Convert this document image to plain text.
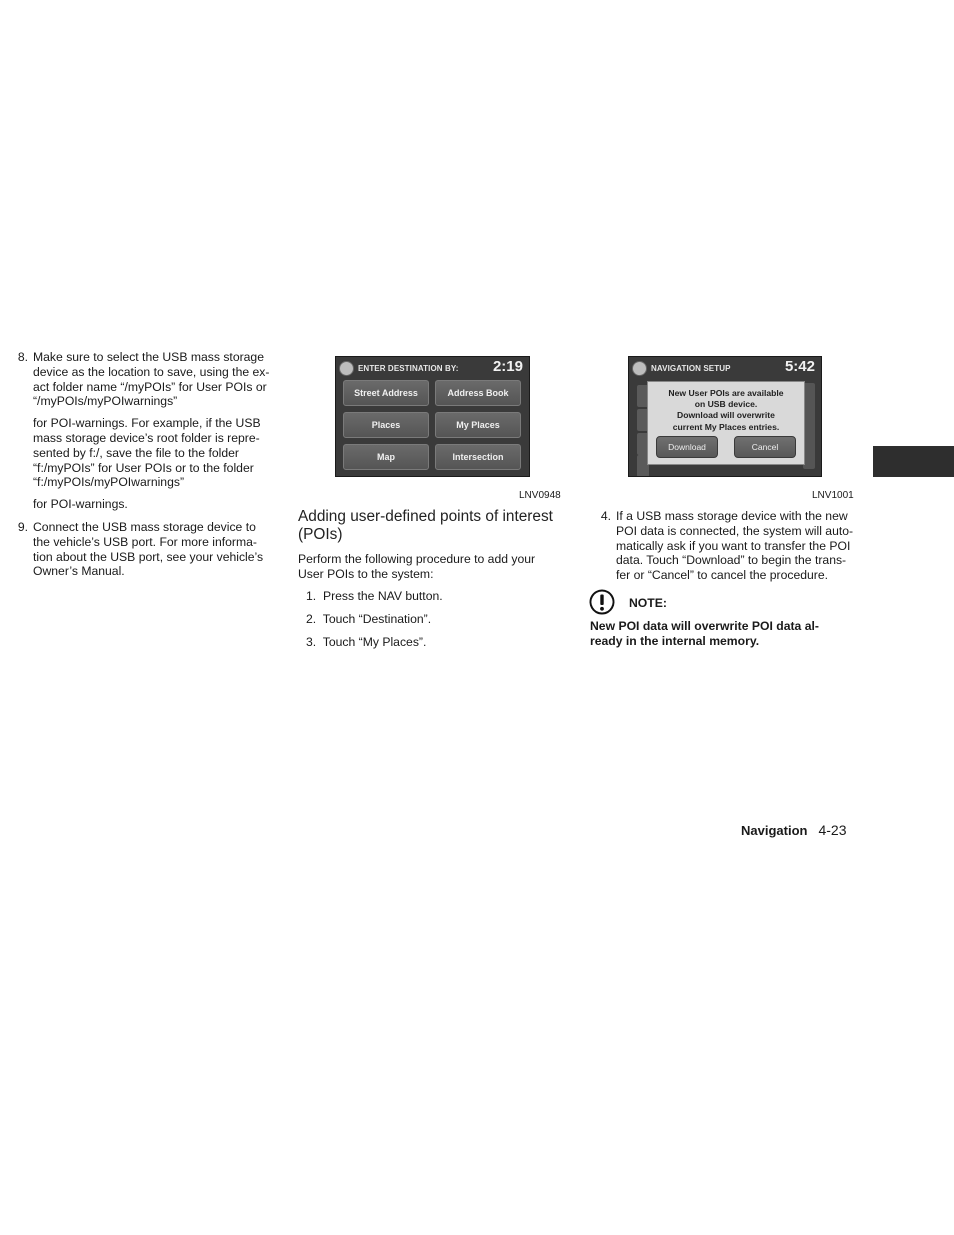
8. Make sure to select the USB mass storage
device as the location to save, using the ex-
act folder name “/myPOIs” for User POIs or
“/myPOIs/myPOIwarnings”
for POI-warnings. For example, if the USB
mass storage device’s root folder is repre-
sented by f:/, save the file to the folder
“f:/myPOIs” for User POIs or to the folder
“f:/myPOIs/myPOIwarnings”
for POI-warnings.
9. Connect the USB mass storage device to
the vehicle’s USB port. For more informa-
tion about the USB port, see your vehicle’s
Owner’s Manual.
ENTER DESTINATION BY: 2:19
Street Address	Address Book
Places	My Places
Map	Intersection
LNV0948
NAVIGATION SETUP	5:42
New User POIs are available
on USB device.
Download will overwrite
current My Places entries.
Download	Cancel
LNV1001
Adding user-defined points of interest
(POIs)
Perform the following procedure to add your
User POIs to the system:
1. Press the NAV button.
2. Touch “Destination”.
3. Touch “My Places”.
4. If a USB mass storage device with the new
POI data is connected, the system will auto-
matically ask if you want to transfer the POI
data. Touch “Download” to begin the trans-
fer or “Cancel” to cancel the procedure.
NOTE:
New POI data will overwrite POI data al-
ready in the internal memory.
Navigation 4-23
